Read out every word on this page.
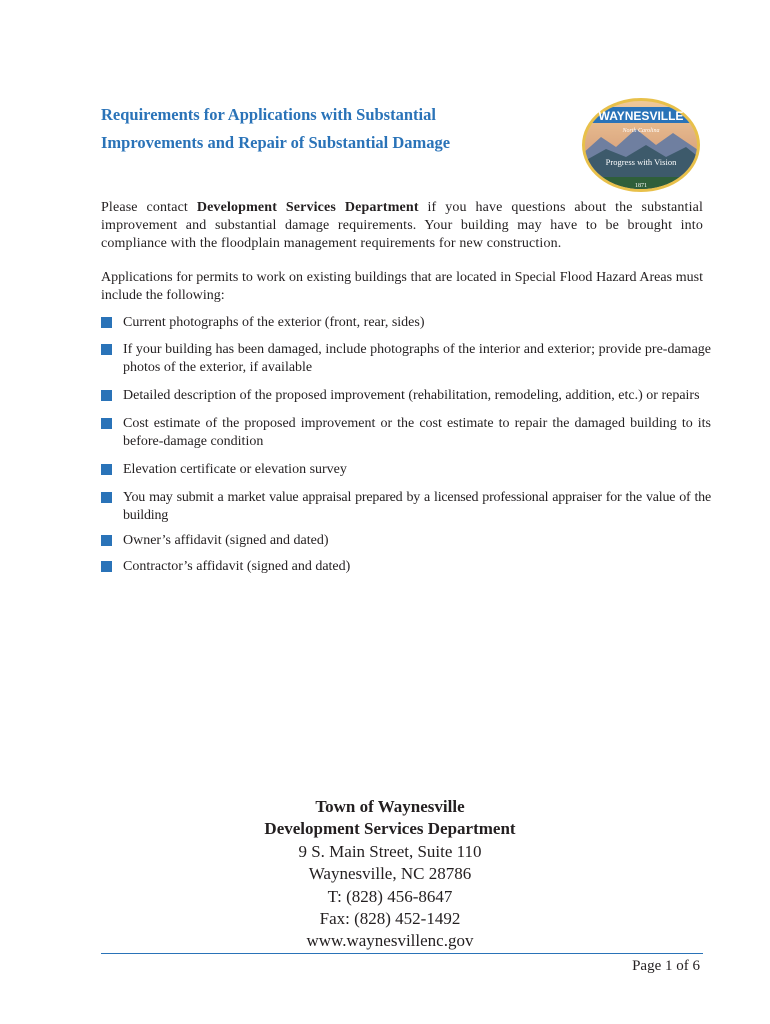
Requirements for Applications with Substantial
Improvements and Repair of Substantial Damage
WAYNESVILLE
North Carolina
Progress with Vision
1871

Please contact Development Services Department if you have questions about the substantial improvement and substantial damage requirements. Your building may have to be brought into compliance with the floodplain management requirements for new construction.

Applications for permits to work on existing buildings that are located in Special Flood Hazard Areas must include the following:

Current photographs of the exterior (front, rear, sides)
If your building has been damaged, include photographs of the interior and exterior; provide pre-damage photos of the exterior, if available
Detailed description of the proposed improvement (rehabilitation, remodeling, addition, etc.) or repairs
Cost estimate of the proposed improvement or the cost estimate to repair the damaged building to its before-damage condition
Elevation certificate or elevation survey
You may submit a market value appraisal prepared by a licensed professional appraiser for the value of the building
Owner’s affidavit (signed and dated)
Contractor’s affidavit (signed and dated)
Town of Waynesville
Development Services Department
9 S. Main Street, Suite 110
Waynesville, NC 28786
T: (828) 456-8647
Fax: (828) 452-1492
www.waynesvillenc.gov
Page 1 of 6
